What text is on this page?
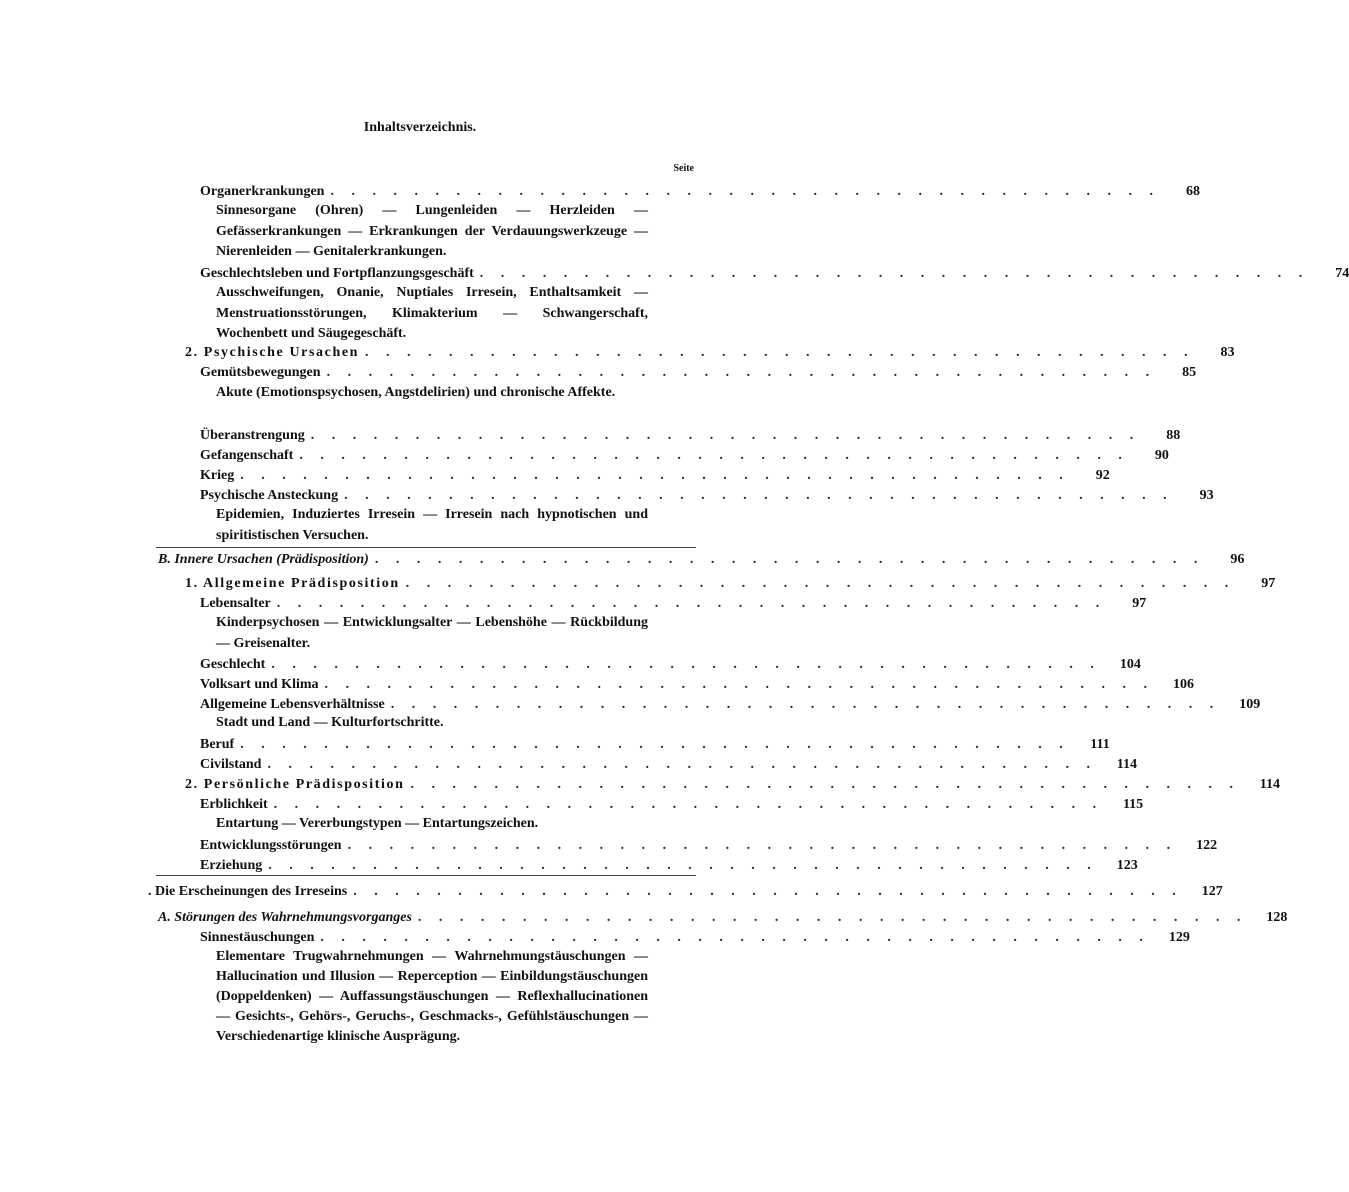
Inhaltsverzeichnis.
Seite
Organerkrankungen . . . . . . . . . . . . . . . . . . . . . . . . . . . . . . . . . . . . . . . .	68
Sinnesorgane (Ohren) — Lungenleiden — Herzleiden — Gefässerkrankungen — Erkrankungen der Verdauungswerkzeuge — Nierenleiden — Genitalerkrankungen.
Geschlechtsleben und Fortpflanzungsgeschäft . . . . . . . . . . . . . . . . . . . . . . . . . . . . . . . . . . . . . . . .	74
Ausschweifungen, Onanie, Nuptiales Irresein, Enthaltsamkeit — Menstruationsstörungen, Klimakterium — Schwangerschaft, Wochenbett und Säugegeschäft.
2. Psychische Ursachen . . . . . . . . . . . . . . . . . . . . . . . . . . . . . . . . . . . . . . . .	83
Gemütsbewegungen . . . . . . . . . . . . . . . . . . . . . . . . . . . . . . . . . . . . . . . .	85
Akute (Emotionspsychosen, Angstdelirien) und chronische Affekte.
Überanstrengung . . . . . . . . . . . . . . . . . . . . . . . . . . . . . . . . . . . . . . . .	88
Gefangenschaft . . . . . . . . . . . . . . . . . . . . . . . . . . . . . . . . . . . . . . . .	90
Krieg . . . . . . . . . . . . . . . . . . . . . . . . . . . . . . . . . . . . . . . .	92
Psychische Ansteckung . . . . . . . . . . . . . . . . . . . . . . . . . . . . . . . . . . . . . . . .	93
Epidemien, Induziertes Irresein — Irresein nach hypnotischen und spiritistischen Versuchen.
B. Innere Ursachen (Prädisposition) . . . . . . . . . . . . . . . . . . . . . . . . . . . . . . . . . . . . . . . .	96
1. Allgemeine Prädisposition . . . . . . . . . . . . . . . . . . . . . . . . . . . . . . . . . . . . . . . .	97
Lebensalter . . . . . . . . . . . . . . . . . . . . . . . . . . . . . . . . . . . . . . . .	97
Kinderpsychosen — Entwicklungsalter — Lebenshöhe — Rückbildung — Greisenalter.
Geschlecht . . . . . . . . . . . . . . . . . . . . . . . . . . . . . . . . . . . . . . . .	104
Volksart und Klima . . . . . . . . . . . . . . . . . . . . . . . . . . . . . . . . . . . . . . . .	106
Allgemeine Lebensverhältnisse . . . . . . . . . . . . . . . . . . . . . . . . . . . . . . . . . . . . . . . .	109
Stadt und Land — Kulturfortschritte.
Beruf . . . . . . . . . . . . . . . . . . . . . . . . . . . . . . . . . . . . . . . .	111
Civilstand . . . . . . . . . . . . . . . . . . . . . . . . . . . . . . . . . . . . . . . .	114
2. Persönliche Prädisposition . . . . . . . . . . . . . . . . . . . . . . . . . . . . . . . . . . . . . . . .	114
Erblichkeit . . . . . . . . . . . . . . . . . . . . . . . . . . . . . . . . . . . . . . . .	115
Entartung — Vererbungstypen — Entartungszeichen.
Entwicklungsstörungen . . . . . . . . . . . . . . . . . . . . . . . . . . . . . . . . . . . . . . . .	122
Erziehung . . . . . . . . . . . . . . . . . . . . . . . . . . . . . . . . . . . . . . . .	123
. Die Erscheinungen des Irreseins . . . . . . . . . . . . . . . . . . . . . . . . . . . . . . . . . . . . . . . .	127
A. Störungen des Wahrnehmungsvorganges . . . . . . . . . . . . . . . . . . . . . . . . . . . . . . . . . . . . . . . .	128
Sinnestäuschungen . . . . . . . . . . . . . . . . . . . . . . . . . . . . . . . . . . . . . . . .	129
Elementare Trugwahrnehmungen — Wahrnehmungstäuschungen — Hallucination und Illusion — Reperception — Einbildungstäuschungen (Doppeldenken) — Auffassungstäuschungen — Reflexhallucinationen — Gesichts-, Gehörs-, Geruchs-, Geschmacks-, Gefühlstäuschungen — Verschiedenartige klinische Ausprägung.
